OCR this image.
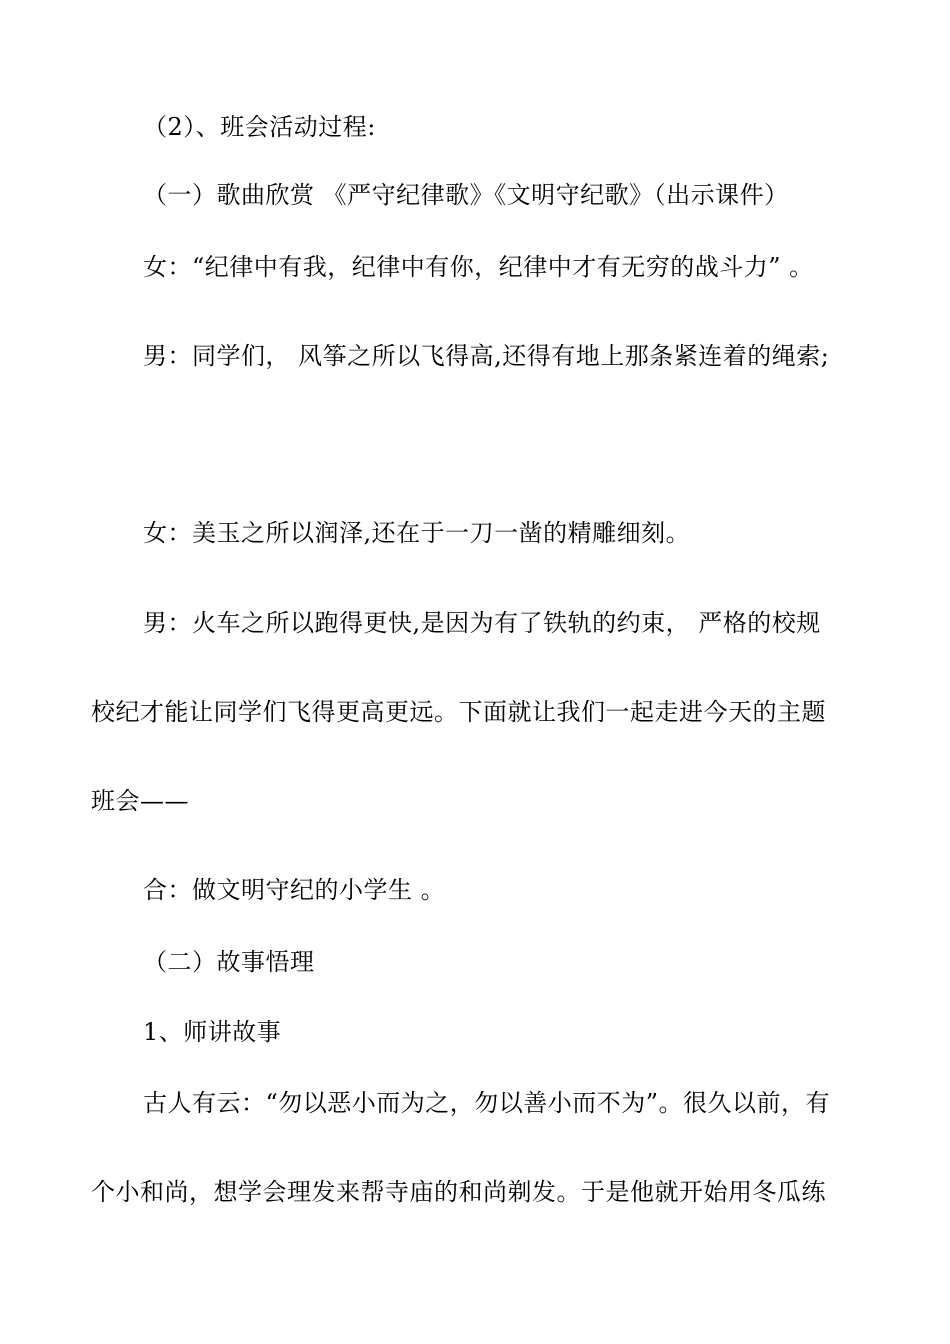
（2）、班会活动过程:
（一）歌曲欣赏 《严守纪律歌》《文明守纪歌》（出示课件）
女：“纪律中有我，纪律中有你，纪律中才有无穷的战斗力” 。
男：同学们， 风筝之所以飞得高,还得有地上那条紧连着的绳索;
女：美玉之所以润泽,还在于一刀一凿的精雕细刻。
男：火车之所以跑得更快,是因为有了铁轨的约束， 严格的校规
校纪才能让同学们飞得更高更远。下面就让我们一起走进今天的主题
班会——
合：做文明守纪的小学生 。
（二）故事悟理
1、师讲故事
古人有云：“勿以恶小而为之，勿以善小而不为”。很久以前，有
个小和尚，想学会理发来帮寺庙的和尚剃发。于是他就开始用冬瓜练
